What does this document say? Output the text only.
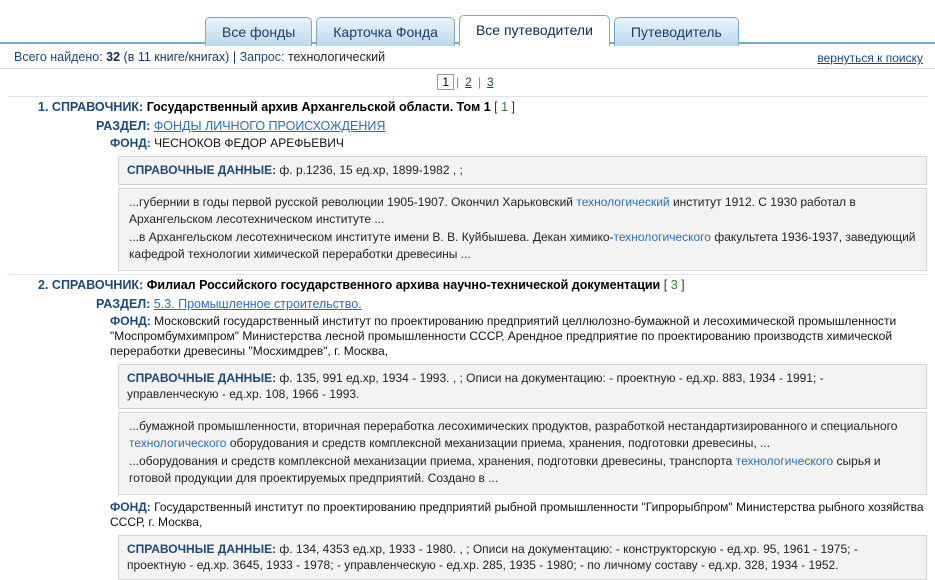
Все фонды	Карточка Фонда	Все путеводители	Путеводитель
Всего найдено: 32 (в 11 книге/книгах) | Запрос: технологический	вернуться к поиску
1 | 2 | 3
1. СПРАВОЧНИК: Государственный архив Архангельской области. Том 1 [ 1 ]
РАЗДЕЛ: ФОНДЫ ЛИЧНОГО ПРОИСХОЖДЕНИЯ
ФОНД: ЧЕСНОКОВ ФЕДОР АРЕФЬЕВИЧ
СПРАВОЧНЫЕ ДАННЫЕ: ф. р.1236, 15 ед.хр, 1899-1982 , ;

...губернии в годы первой русской революции 1905-1907. Окончил Харьковский технологический институт 1912. С 1930 работал в Архангельском лесотехническом институте ...

...в Архангельском лесотехническом институте имени В. В. Куйбышева. Декан химико-технологического факультета 1936-1937, заведующий кафедрой технологии химической переработки древесины ...

2. СПРАВОЧНИК: Филиал Российского государственного архива научно-технической документации [ 3 ]
РАЗДЕЛ: 5.3. Промышленное строительство.
ФОНД: Московский государственный институт по проектированию предприятий целлюлозно-бумажной и лесохимической промышленности "Моспромбумхимпром" Министерства лесной промышленности СССР, Арендное предприятие по проектированию производств химической переработки древесины "Мосхимдрев", г. Москва,
СПРАВОЧНЫЕ ДАННЫЕ: ф. 135, 991 ед.хр, 1934 - 1993. , ; Описи на документацию: - проектную - ед.хр. 883, 1934 - 1991; - управленческую - ед.хр. 108, 1966 - 1993.

...бумажной промышленности, вторичная переработка лесохимических продуктов, разработкой нестандартизированного и специального технологического оборудования и средств комплексной механизации приема, хранения, подготовки древесины, ...

...оборудования и средств комплексной механизации приема, хранения, подготовки древесины, транспорта технологического сырья и готовой продукции для проектируемых предприятий. Создано в ...

ФОНД: Государственный институт по проектированию предприятий рыбной промышленности "Гипрорыбпром" Министерства рыбного хозяйства СССР, г. Москва,
СПРАВОЧНЫЕ ДАННЫЕ: ф. 134, 4353 ед.хр, 1933 - 1980. , ; Описи на документацию: - конструкторскую - ед.хр. 95, 1961 - 1975; - проектную - ед.хр. 3645, 1933 - 1978; - управленческую - ед.хр. 285, 1935 - 1980; - по личному составу - ед.хр. 328, 1934 - 1952.
